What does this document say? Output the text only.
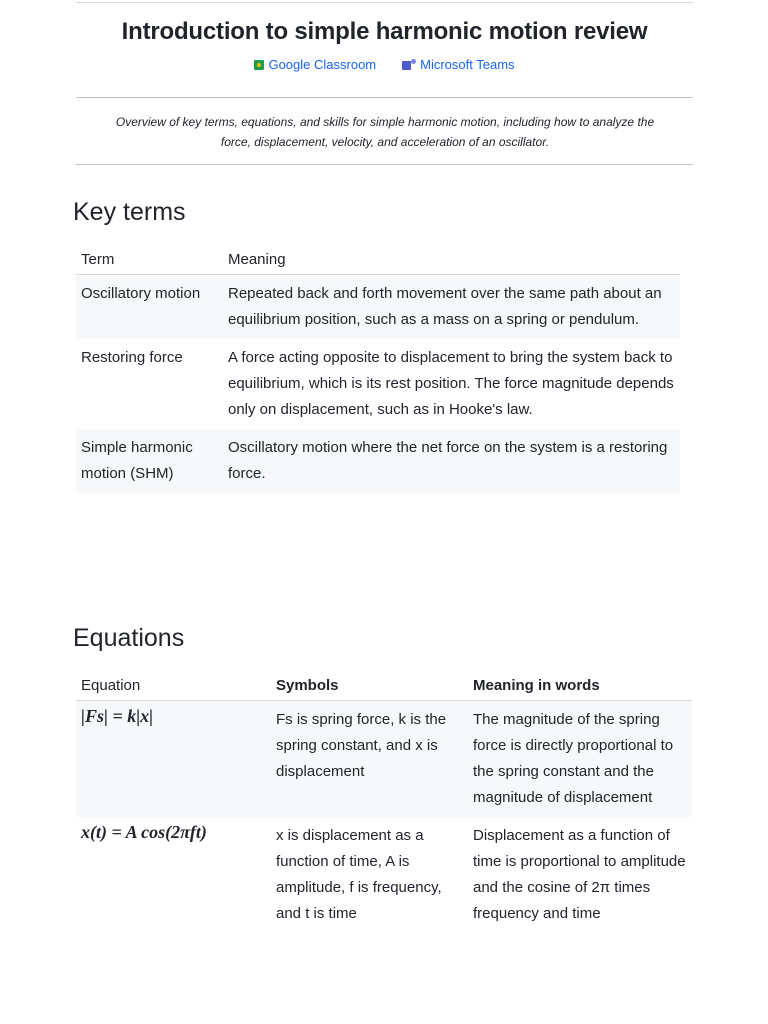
Introduction to simple harmonic motion review
Google Classroom	Microsoft Teams
Overview of key terms, equations, and skills for simple harmonic motion, including how to analyze the force, displacement, velocity, and acceleration of an oscillator.
Key terms
Term	Meaning
Oscillatory motion	Repeated back and forth movement over the same path about an equilibrium position, such as a mass on a spring or pendulum.
Restoring force	A force acting opposite to displacement to bring the system back to equilibrium, which is its rest position. The force magnitude depends only on displacement, such as in Hooke's law.
Simple harmonic motion (SHM)	Oscillatory motion where the net force on the system is a restoring force.
Equations
Equation	Symbols	Meaning in words
|Fs| = k|x|	Fs is spring force, k is the spring constant, and x is displacement	The magnitude of the spring force is directly proportional to the spring constant and the magnitude of displacement
x(t) = A cos(2πft)	x is displacement as a function of time, A is amplitude, f is frequency, and t is time	Displacement as a function of time is proportional to amplitude and the cosine of 2π times frequency and time
